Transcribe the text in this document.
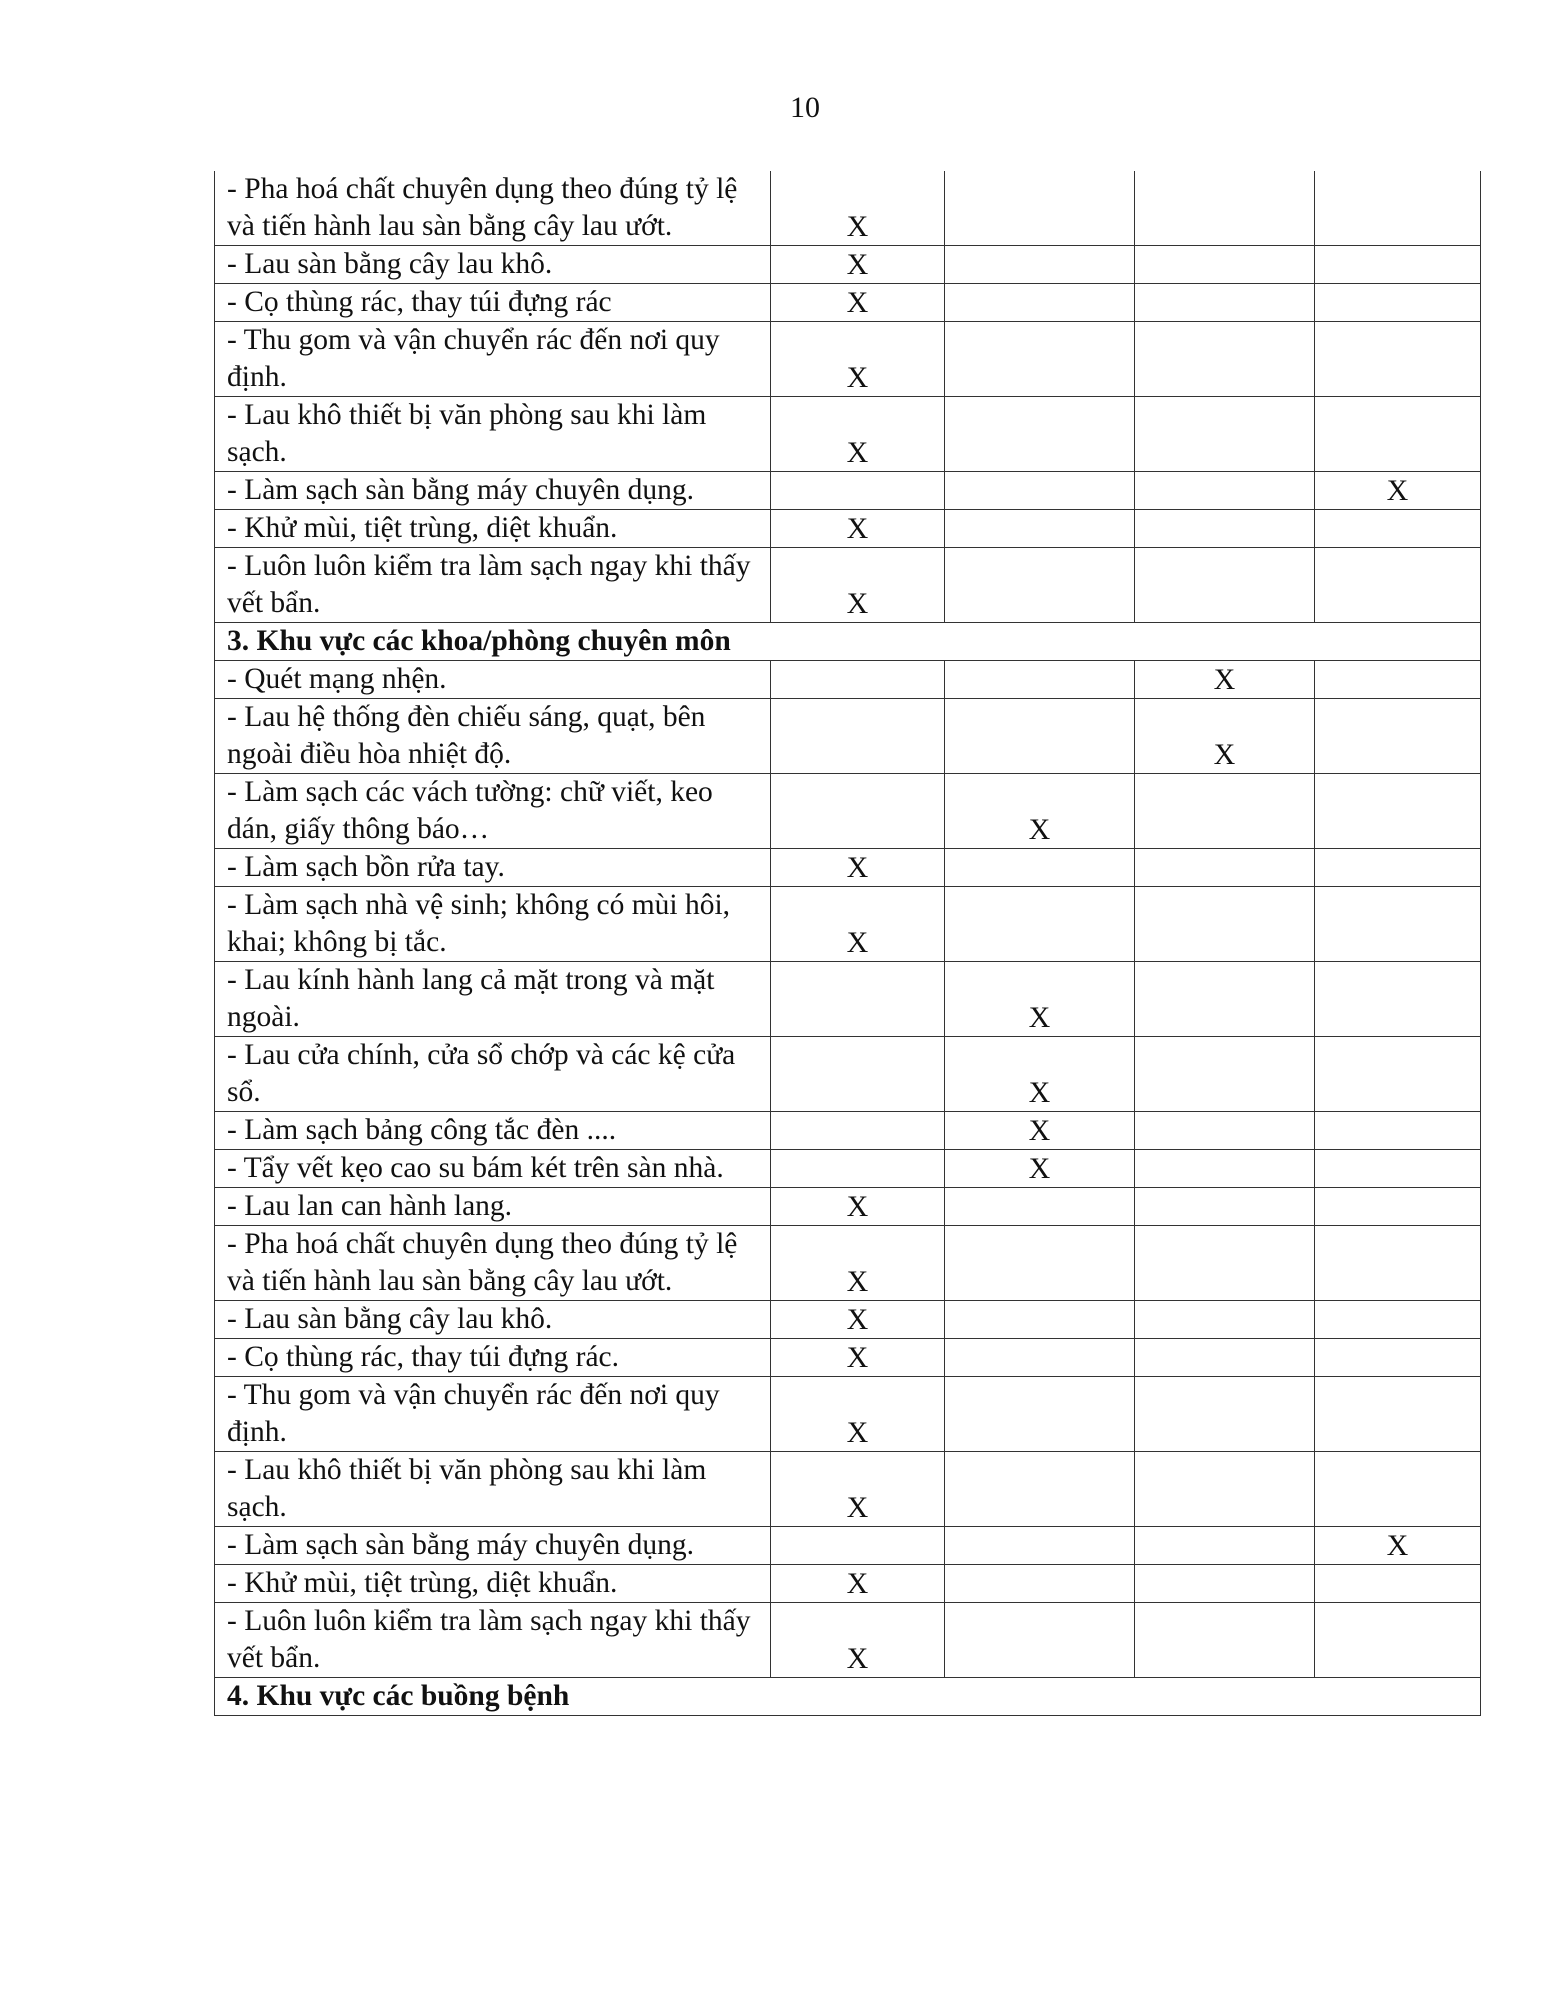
10
- Pha hoá chất chuyên dụng theo đúng tỷ lệ và tiến hành lau sàn bằng cây lau ướt.	X			
- Lau sàn bằng cây lau khô.	X			
- Cọ thùng rác, thay túi đựng rác	X			
- Thu gom và vận chuyển rác đến nơi quy định.	X			
- Lau khô thiết bị văn phòng sau khi làm sạch.	X			
- Làm sạch sàn bằng máy chuyên dụng.				X
- Khử mùi, tiệt trùng, diệt khuẩn.	X			
- Luôn luôn kiểm tra làm sạch ngay khi thấy vết bẩn.	X			
3. Khu vực các khoa/phòng chuyên môn				
- Quét mạng nhện.			X	
- Lau hệ thống đèn chiếu sáng, quạt, bên ngoài điều hòa nhiệt độ.			X	
- Làm sạch các vách tường: chữ viết, keo dán, giấy thông báo…		X		
- Làm sạch bồn rửa tay.	X			
- Làm sạch nhà vệ sinh; không có mùi hôi, khai; không bị tắc.	X			
- Lau kính hành lang cả mặt trong và mặt ngoài.		X		
- Lau cửa chính, cửa sổ chớp và các kệ cửa sổ.		X		
- Làm sạch bảng công tắc đèn ....		X		
- Tẩy vết kẹo cao su bám két trên sàn nhà.		X		
- Lau lan can hành lang.	X			
- Pha hoá chất chuyên dụng theo đúng tỷ lệ và tiến hành lau sàn bằng cây lau ướt.	X			
- Lau sàn bằng cây lau khô.	X			
- Cọ thùng rác, thay túi đựng rác.	X			
- Thu gom và vận chuyển rác đến nơi quy định.	X			
- Lau khô thiết bị văn phòng sau khi làm sạch.	X			
- Làm sạch sàn bằng máy chuyên dụng.				X
- Khử mùi, tiệt trùng, diệt khuẩn.	X			
- Luôn luôn kiểm tra làm sạch ngay khi thấy vết bẩn.	X			
4. Khu vực các buồng bệnh				
